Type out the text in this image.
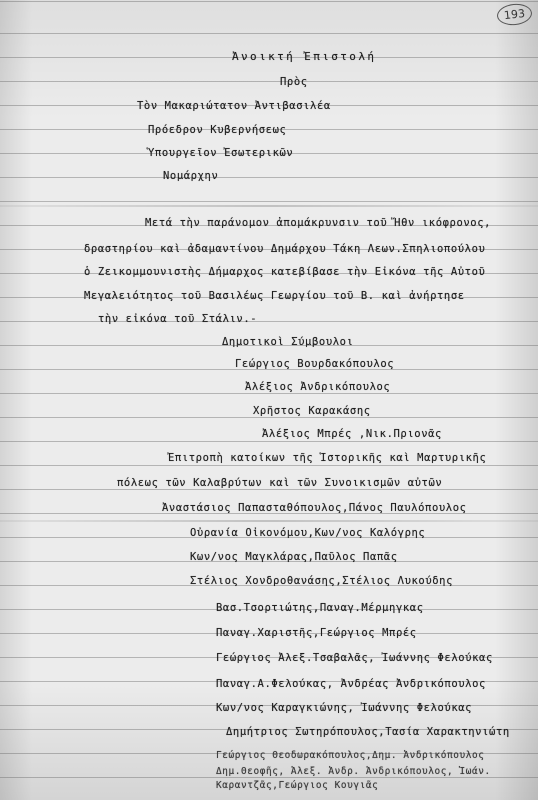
193
Ἀνοικτή Ἐπιστολή
Πρὸς
Τὸν Μακαριώτατον Ἀντιβασιλέα
Πρόεδρον Κυβερνήσεως
Ὑπουργεῖον Ἐσωτερικῶν
Νομάρχην
Μετά τὴν παράνομον ἀπομάκρυνσιν τοῦ Ἤθν ικόφρονος,
δραστηρίου καὶ ἀδαμαντίνου Δημάρχου Τάκη Λεων.Σπηλιοπούλου
ὁ Ζεικομμουνιστὴς Δήμαρχος κατεβίβασε τὴν Εἰκόνα τῆς Αὐτοῦ
Μεγαλειότητος τοῦ Βασιλέως Γεωργίου τοῦ Β. καὶ ἀνήρτησε
τὴν εἰκόνα τοῦ Στάλιν.-
Δημοτικοὶ Σύμβουλοι
Γεώργιος Βουρδακόπουλος
Ἀλέξιος Ἀνδρικόπουλος
Χρῆστος Καρακάσης
Ἀλέξιος Μπρές ,Νικ.Πριονᾶς
Ἐπιτροπὴ κατοίκων τῆς Ἱστορικῆς καὶ Μαρτυρικῆς
πόλεως τῶν Καλαβρύτων καὶ τῶν Συνοικισμῶν αὐτῶν
Ἀναστάσιος Παπασταθόπουλος,Πάνος Παυλόπουλος
Οὐρανία Οἰκονόμου,Κων/νος Καλόγρης
Κων/νος Μαγκλάρας,Παῦλος Παπᾶς
Στέλιος Χονδροθανάσης,Στέλιος Λυκούδης
Βασ.Τσορτιώτης,Παναγ.Μέρμηγκας
Παναγ.Χαριστῆς,Γεώργιος Μπρές
Γεώργιος Ἀλεξ.Τσαβαλᾶς, Ἰωάννης Φελούκας
Παναγ.Α.Φελούκας, Ἀνδρέας Ἀνδρικόπουλος
Κων/νος Καραγκιώνης, Ἰωάννης Φελούκας
Δημήτριος Σωτηρόπουλος,Τασία Χαρακτηνιώτη
Γεώργιος Θεοδωρακόπουλος,Δημ. Ἀνδρικόπουλος
Δημ.Θεοφῆς, Ἀλεξ. Ἀνδρ. Ἀνδρικόπουλος, Ἰωάν.
Καραντζᾶς,Γεώργιος Κουγιᾶς
